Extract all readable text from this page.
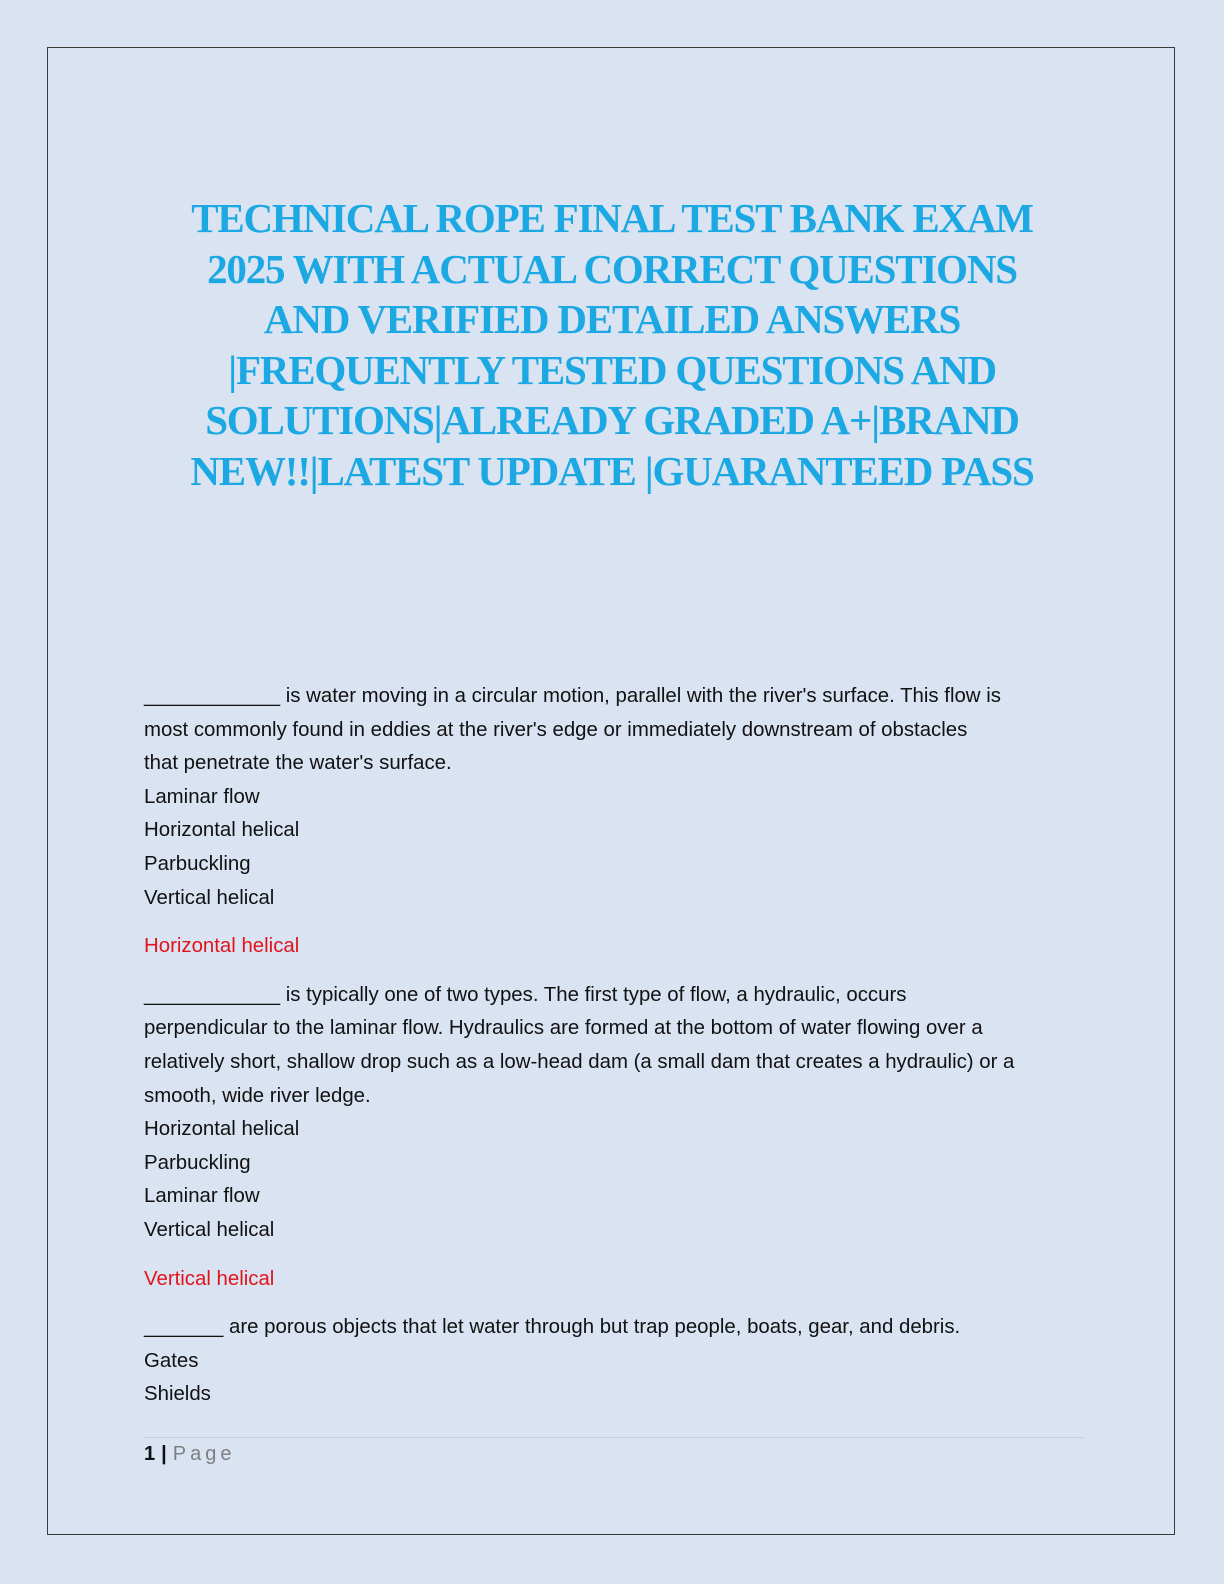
TECHNICAL ROPE FINAL TEST BANK EXAM
2025 WITH ACTUAL CORRECT QUESTIONS
AND VERIFIED DETAILED ANSWERS
|FREQUENTLY TESTED QUESTIONS AND
SOLUTIONS|ALREADY GRADED A+|BRAND
NEW!!|LATEST UPDATE |GUARANTEED PASS

____________ is water moving in a circular motion, parallel with the river's surface. This flow is
most commonly found in eddies at the river's edge or immediately downstream of obstacles
that penetrate the water's surface.

Laminar flow

Horizontal helical

Parbuckling

Vertical helical

Horizontal helical

____________ is typically one of two types. The first type of flow, a hydraulic, occurs
perpendicular to the laminar flow. Hydraulics are formed at the bottom of water flowing over a
relatively short, shallow drop such as a low-head dam (a small dam that creates a hydraulic) or a
smooth, wide river ledge.

Horizontal helical

Parbuckling

Laminar flow

Vertical helical

Vertical helical

_______ are porous objects that let water through but trap people, boats, gear, and debris.

Gates

Shields

1 | Page
